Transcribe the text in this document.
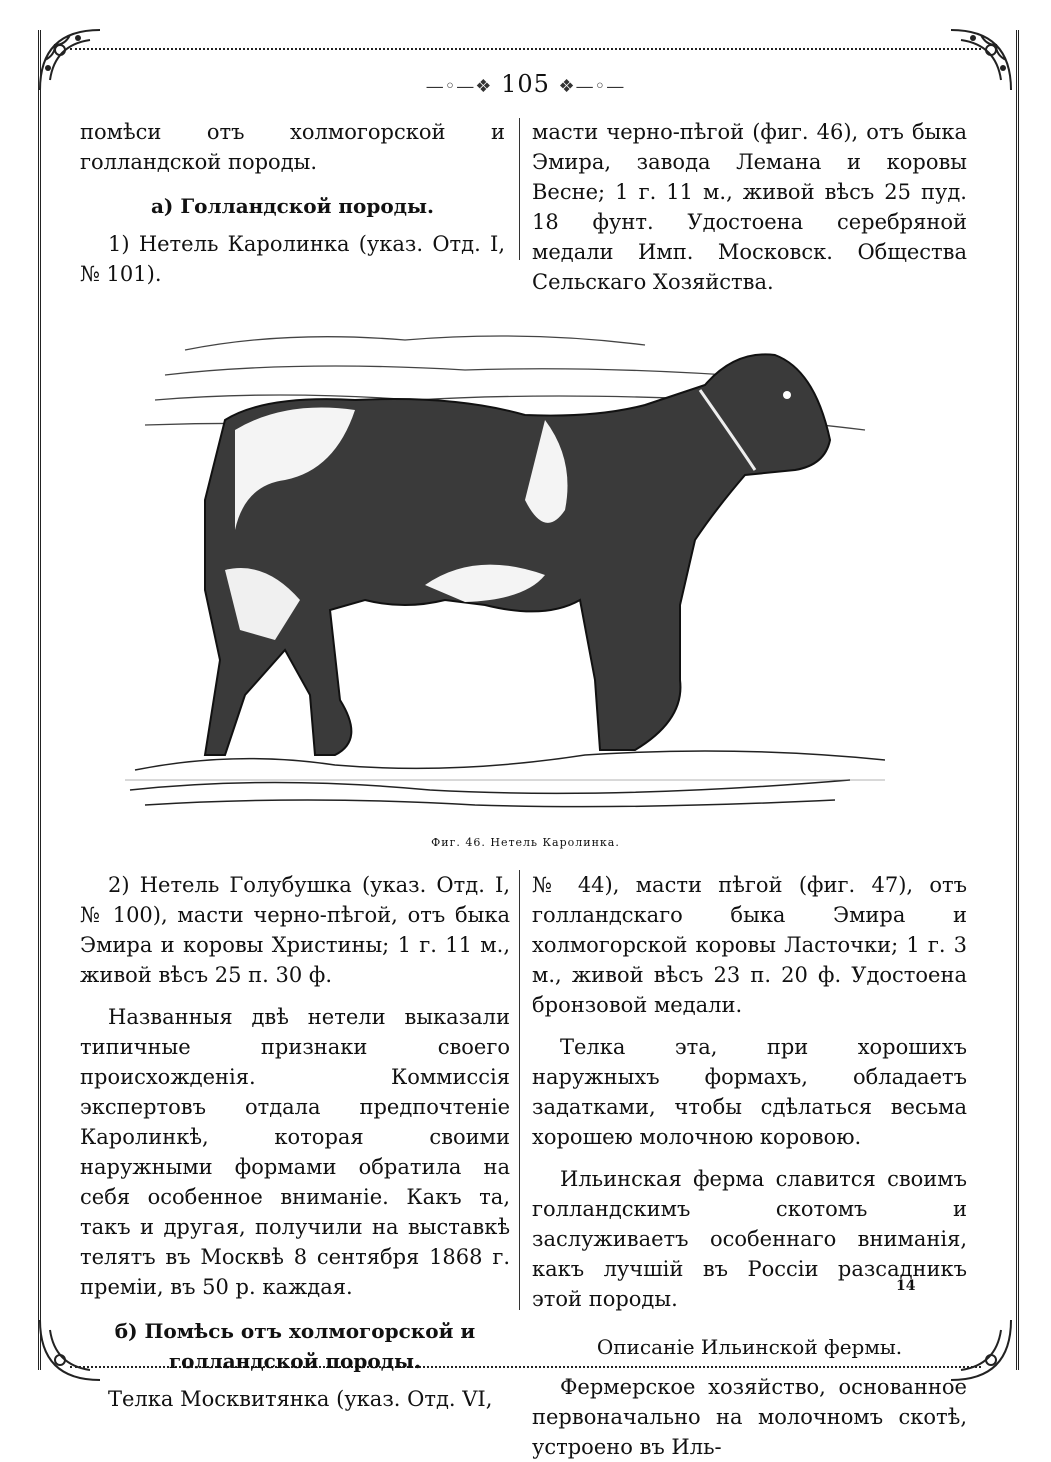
—◦—❖ 105 ❖—◦—

помѣси отъ холмогорской и голландской породы.

а) Голландской породы.

1) Нетель Каролинка (указ. Отд. I, № 101).

масти черно-пѣгой (фиг. 46), отъ быка Эмира, завода Лемана и коровы Весне; 1 г. 11 м., живой вѣсъ 25 пуд. 18 фунт. Удостоена серебряной медали Имп. Московск. Общества Сельскаго Хозяйства.

Фиг. 46. Нетель Каролинка.

2) Нетель Голубушка (указ. Отд. I, № 100), масти черно-пѣгой, отъ быка Эмира и коровы Христины; 1 г. 11 м., живой вѣсъ 25 п. 30 ф.

Названныя двѣ нетели выказали типичные признаки своего происхожденія. Коммиссія экспертовъ отдала предпочтеніе Каролинкѣ, которая своими наружными формами обратила на себя особенное вниманіе. Какъ та, такъ и другая, получили на выставкѣ телятъ въ Москвѣ 8 сентября 1868 г. преміи, въ 50 р. каждая.

б) Помѣсь отъ холмогорской и голландской породы.

Телка Москвитянка (указ. Отд. VI,

№ 44), масти пѣгой (фиг. 47), отъ голландскаго быка Эмира и холмогорской коровы Ласточки; 1 г. 3 м., живой вѣсъ 23 п. 20 ф. Удостоена бронзовой медали.

Телка эта, при хорошихъ наружныхъ формахъ, обладаетъ задатками, чтобы сдѣлаться весьма хорошею молочною коровою.

Ильинская ферма славится своимъ голландскимъ скотомъ и заслуживаетъ особеннаго вниманія, какъ лучшій въ Россіи разсадникъ этой породы.

Описаніе Ильинской фермы.

Фермерское хозяйство, основанное первоначально на молочномъ скотѣ, устроено въ Иль-

14
